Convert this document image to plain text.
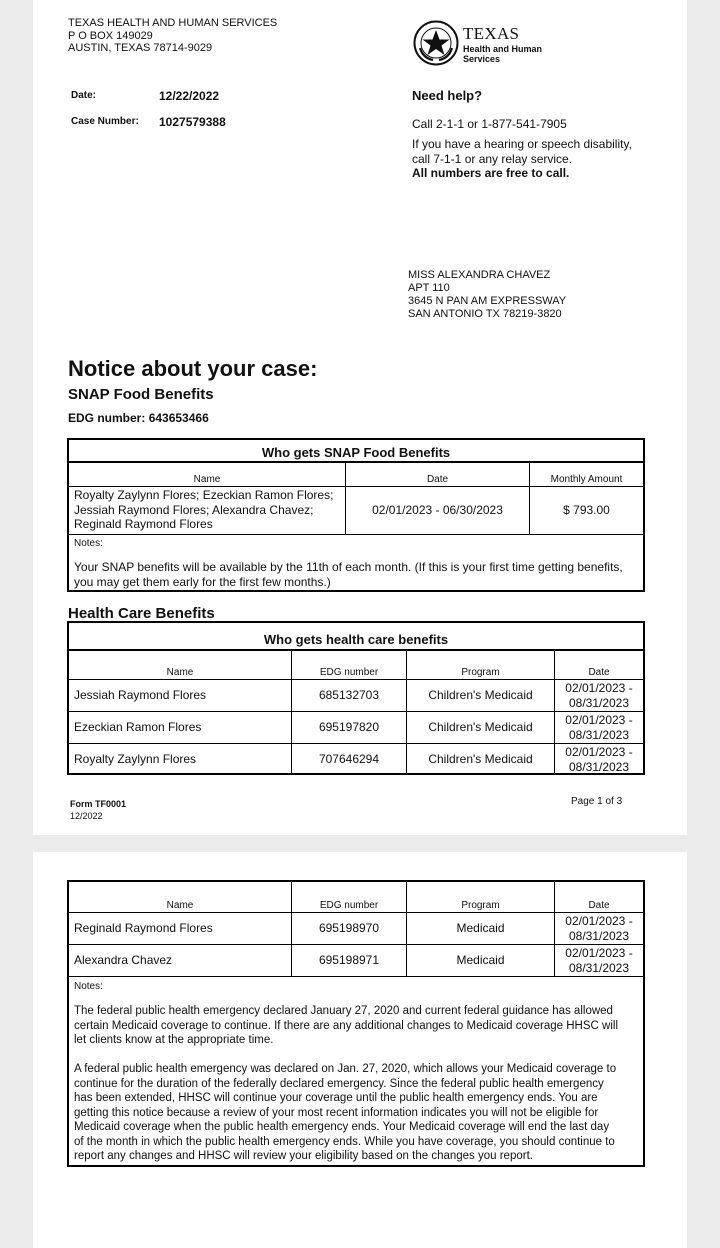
TEXAS HEALTH AND HUMAN SERVICES
P O BOX 149029
AUSTIN, TEXAS 78714-9029
TEXAS
Health and Human
Services
Date:	12/22/2022
Case Number: 1027579388
Need help?
Call 2-1-1 or 1-877-541-7905
If you have a hearing or speech disability,
call 7-1-1 or any relay service.
All numbers are free to call.
MISS ALEXANDRA CHAVEZ
APT 110
3645 N PAN AM EXPRESSWAY
SAN ANTONIO TX 78219-3820
Notice about your case:
SNAP Food Benefits
EDG number: 643653466
Who gets SNAP Food Benefits
Name	Date	Monthly Amount
Royalty Zaylynn Flores; Ezeckian Ramon Flores;
Jessiah Raymond Flores; Alexandra Chavez;
Reginald Raymond Flores
02/01/2023 - 06/30/2023	$ 793.00
Notes:
Your SNAP benefits will be available by the 11th of each month. (If this is your first time getting benefits,
you may get them early for the first few months.)
Health Care Benefits
Who gets health care benefits
Name	EDG number	Program	Date
Jessiah Raymond Flores	685132703	Children's Medicaid	02/01/2023 -
08/31/2023
Ezeckian Ramon Flores	695197820	Children's Medicaid	02/01/2023 -
08/31/2023
Royalty Zaylynn Flores	707646294	Children's Medicaid	02/01/2023 -
08/31/2023
Form TF0001
12/2022
Page 1 of 3
Name	EDG number	Program	Date
Reginald Raymond Flores	695198970	Medicaid	02/01/2023 -
08/31/2023
Alexandra Chavez	695198971	Medicaid	02/01/2023 -
08/31/2023
Notes:
The federal public health emergency declared January 27, 2020 and current federal guidance has allowed
certain Medicaid coverage to continue. If there are any additional changes to Medicaid coverage HHSC will
let clients know at the appropriate time.
A federal public health emergency was declared on Jan. 27, 2020, which allows your Medicaid coverage to
continue for the duration of the federally declared emergency. Since the federal public health emergency
has been extended, HHSC will continue your coverage until the public health emergency ends. You are
getting this notice because a review of your most recent information indicates you will not be eligible for
Medicaid coverage when the public health emergency ends. Your Medicaid coverage will end the last day
of the month in which the public health emergency ends. While you have coverage, you should continue to
report any changes and HHSC will review your eligibility based on the changes you report.
